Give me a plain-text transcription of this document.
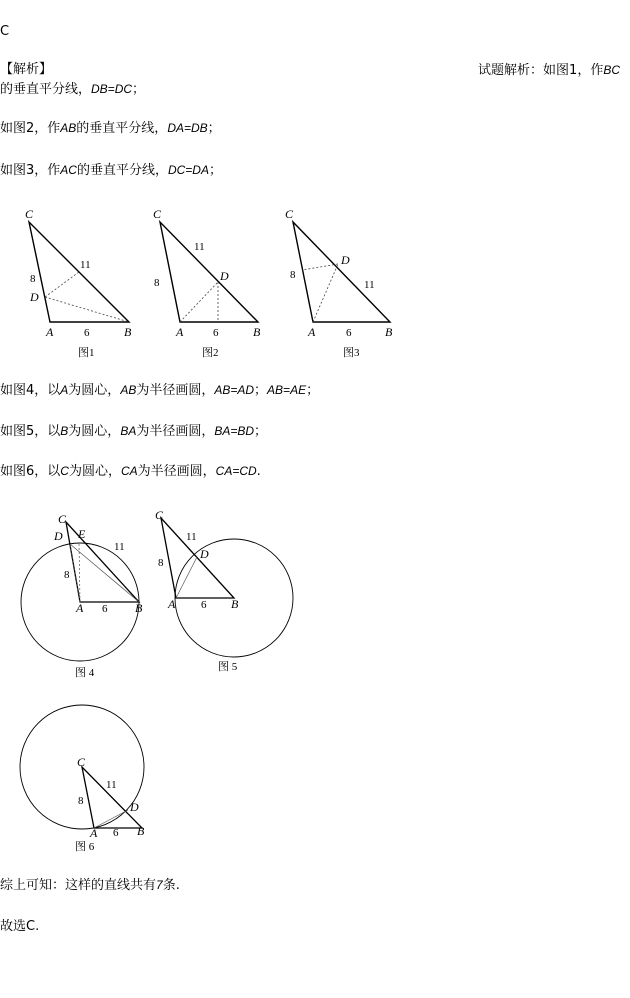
C
【解析】	试题解析：如图1，作BC
的垂直平分线，DB=DC；
如图2，作AB的垂直平分线，DA=DB；
如图3，作AC的垂直平分线，DC=DA；
C
D
A	B
8
11
6
图1
C
D
A	B
8
11
6
图2
C
D
A	B
8
11
6
图3
如图4，以A为圆心，AB为半径画圆，AB=AD；AB=AE；
如图5，以B为圆心，BA为半径画圆，BA=BD；
如图6，以C为圆心，CA为半径画圆，CA=CD.
C
D E
A	B
8
11
6
图 4
C
D
A	B
8
11
6
图 5
C
D
A	B
8
11
6
图 6
综上可知：这样的直线共有7条.
故选C.
